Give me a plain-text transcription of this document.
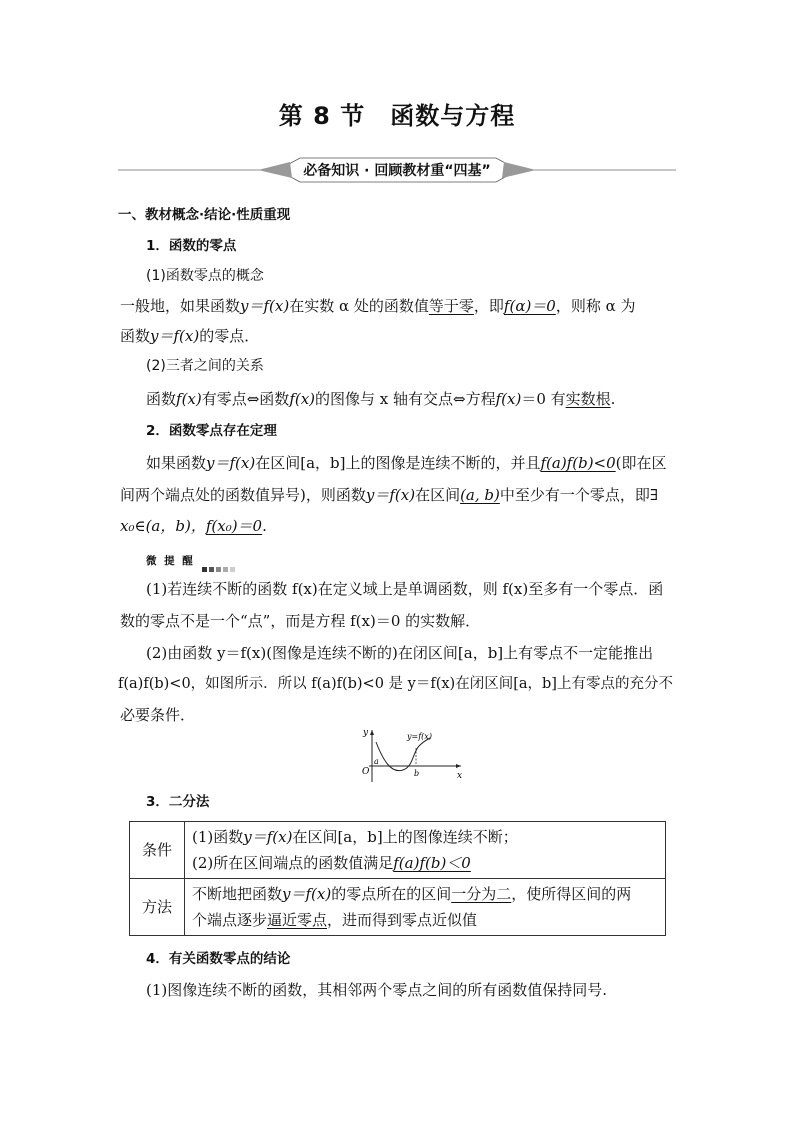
第 8 节　函数与方程
必备知识 · 回顾教材重“四基”
一、教材概念·结论·性质重现
1．函数的零点
(1)函数零点的概念
一般地，如果函数y＝f(x)在实数 α 处的函数值等于零，即f(α)＝0，则称 α 为
函数y＝f(x)的零点．
(2)三者之间的关系
函数f(x)有零点⇔函数f(x)的图像与 x 轴有交点⇔方程f(x)＝0 有实数根.
2．函数零点存在定理
如果函数y＝f(x)在区间[a，b]上的图像是连续不断的，并且f(a)f(b)<0(即在区
间两个端点处的函数值异号)，则函数y＝f(x)在区间(a, b)中至少有一个零点，即∃
x₀∈(a，b)，f(x₀)＝0.
微 提 醒
(1)若连续不断的函数 f(x)在定义域上是单调函数，则 f(x)至多有一个零点．函
数的零点不是一个“点”，而是方程 f(x)＝0 的实数解．
(2)由函数 y＝f(x)(图像是连续不断的)在闭区间[a，b]上有零点不一定能推出
f(a)f(b)<0，如图所示．所以 f(a)f(b)<0 是 y＝f(x)在闭区间[a，b]上有零点的充分不
必要条件．
y
x
O
a
b
y=f(x)
3．二分法
条件	(1)函数y＝f(x)在区间[a，b]上的图像连续不断；
(2)所在区间端点的函数值满足f(a)f(b)＜0

方法	不断地把函数y＝f(x)的零点所在的区间一分为二，使所得区间的两
个端点逐步逼近零点，进而得到零点近似值
4．有关函数零点的结论
(1)图像连续不断的函数，其相邻两个零点之间的所有函数值保持同号.
